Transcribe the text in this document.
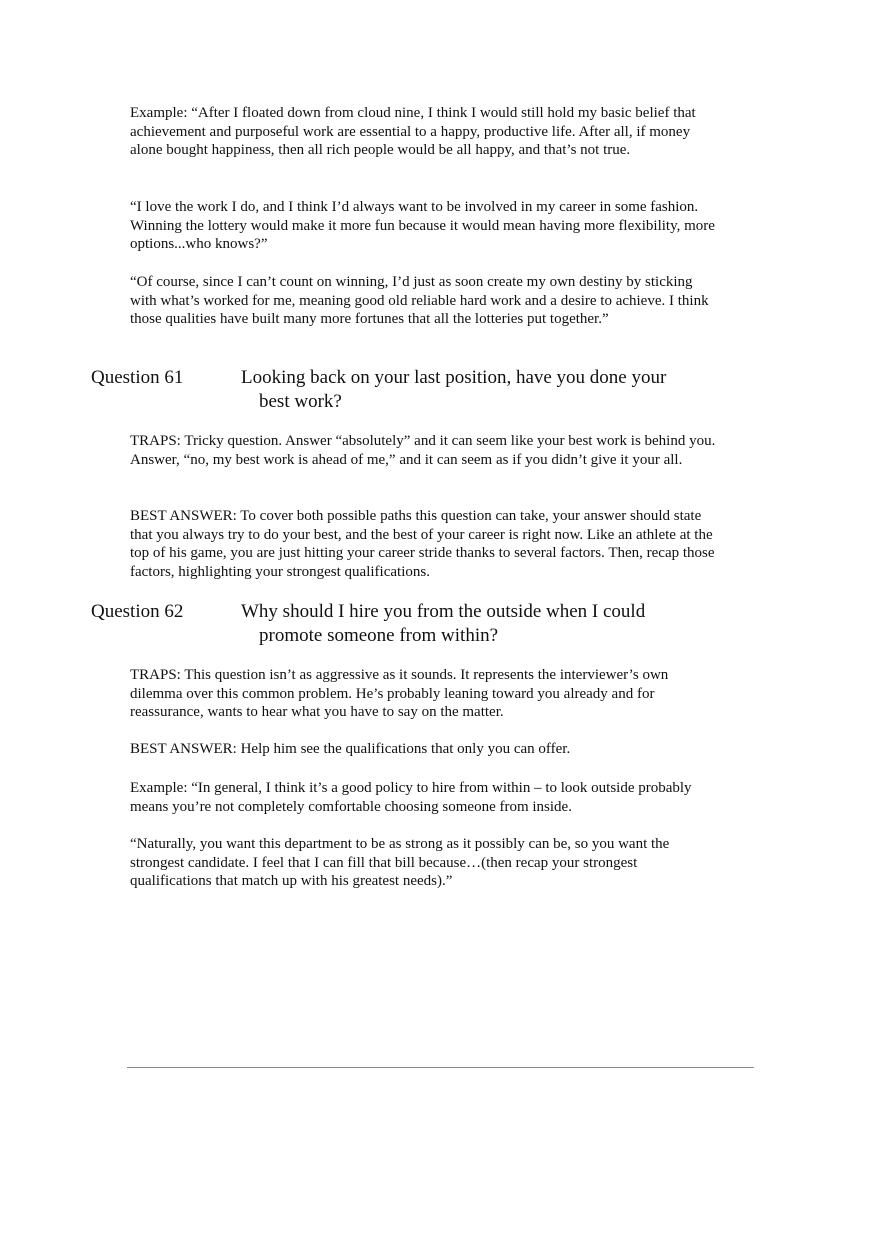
Example: “After I floated down from cloud nine, I think I would still hold my basic belief that achievement and purposeful work are essential to a happy, productive life. After all, if money alone bought happiness, then all rich people would be all happy, and that’s not true.

“I love the work I do, and I think I’d always want to be involved in my career in some fashion. Winning the lottery would make it more fun because it would mean having more flexibility, more options...who knows?”

“Of course, since I can’t count on winning, I’d just as soon create my own destiny by sticking with what’s worked for me, meaning good old reliable hard work and a desire to achieve. I think those qualities have built many more fortunes that all the lotteries put together.”

Question 61	Looking back on your last position, have you done your
best work?

TRAPS: Tricky question. Answer “absolutely” and it can seem like your best work is behind you. Answer, “no, my best work is ahead of me,” and it can seem as if you didn’t give it your all.

BEST ANSWER: To cover both possible paths this question can take, your answer should state that you always try to do your best, and the best of your career is right now. Like an athlete at the top of his game, you are just hitting your career stride thanks to several factors. Then, recap those factors, highlighting your strongest qualifications.

Question 62	Why should I hire you from the outside when I could
promote someone from within?

TRAPS: This question isn’t as aggressive as it sounds. It represents the interviewer’s own dilemma over this common problem. He’s probably leaning toward you already and for reassurance, wants to hear what you have to say on the matter.

BEST ANSWER: Help him see the qualifications that only you can offer.

Example: “In general, I think it’s a good policy to hire from within – to look outside probably means you’re not completely comfortable choosing someone from inside.

“Naturally, you want this department to be as strong as it possibly can be, so you want the strongest candidate. I feel that I can fill that bill because…(then recap your strongest qualifications that match up with his greatest needs).”
